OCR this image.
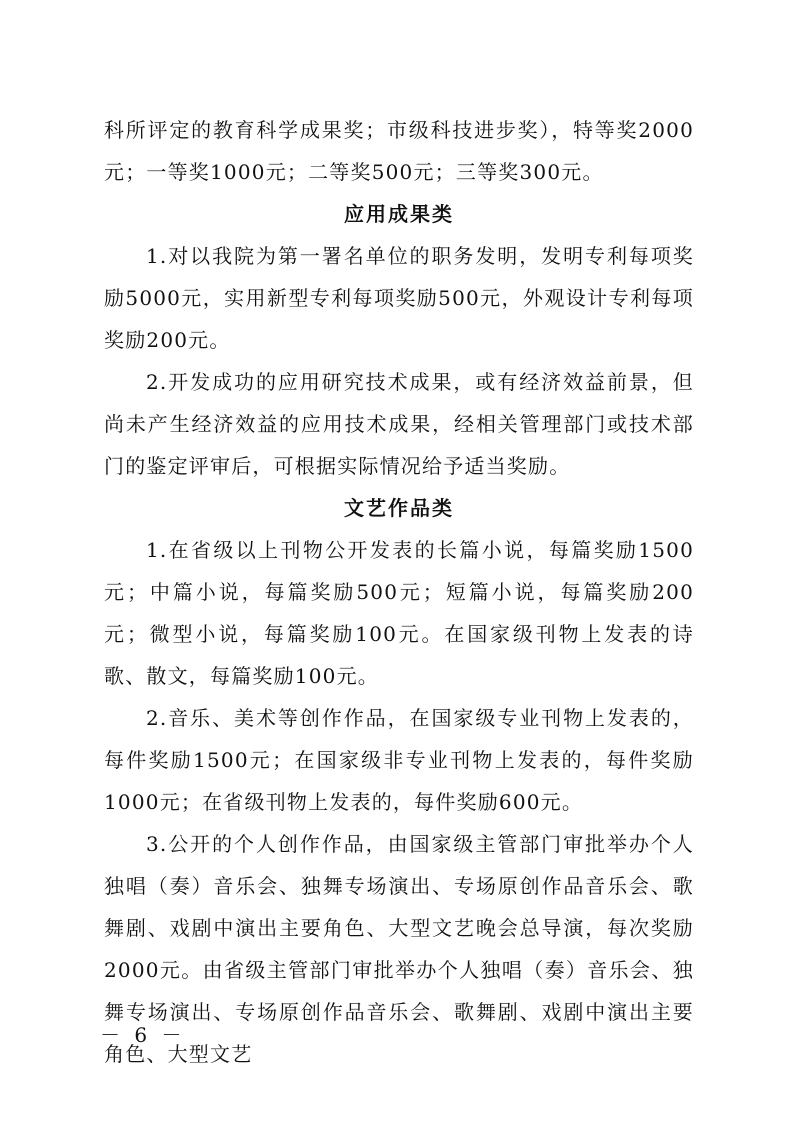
科所评定的教育科学成果奖；市级科技进步奖），特等奖2000元；一等奖1000元；二等奖500元；三等奖300元。

应用成果类

1.对以我院为第一署名单位的职务发明，发明专利每项奖励5000元，实用新型专利每项奖励500元，外观设计专利每项奖励200元。

2.开发成功的应用研究技术成果，或有经济效益前景，但尚未产生经济效益的应用技术成果，经相关管理部门或技术部门的鉴定评审后，可根据实际情况给予适当奖励。

文艺作品类

1.在省级以上刊物公开发表的长篇小说，每篇奖励1500元；中篇小说，每篇奖励500元；短篇小说，每篇奖励200元；微型小说，每篇奖励100元。在国家级刊物上发表的诗歌、散文，每篇奖励100元。

2.音乐、美术等创作作品，在国家级专业刊物上发表的，每件奖励1500元；在国家级非专业刊物上发表的，每件奖励1000元；在省级刊物上发表的，每件奖励600元。

3.公开的个人创作作品，由国家级主管部门审批举办个人独唱（奏）音乐会、独舞专场演出、专场原创作品音乐会、歌舞剧、戏剧中演出主要角色、大型文艺晚会总导演，每次奖励2000元。由省级主管部门审批举办个人独唱（奏）音乐会、独舞专场演出、专场原创作品音乐会、歌舞剧、戏剧中演出主要角色、大型文艺

－ 6 －
